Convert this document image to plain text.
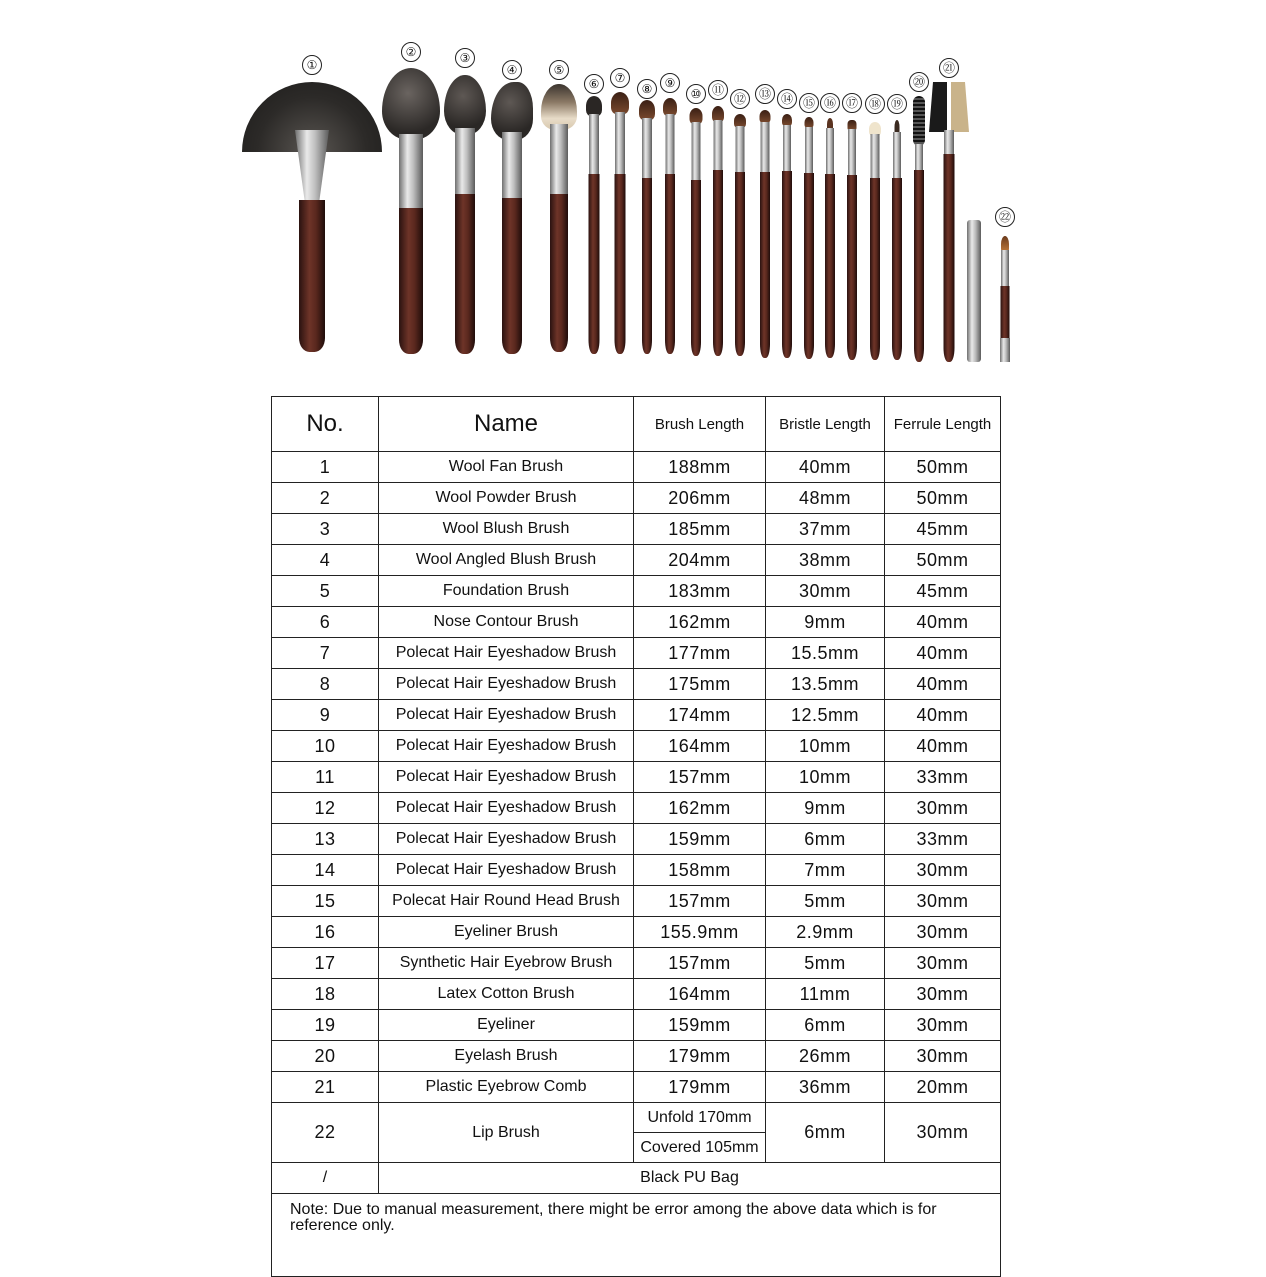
①
②	③
④	⑤
⑥	⑦
⑧	⑨
⑩ ⑪
⑫	⑬ ⑭ ⑮ ⑯ ⑰ ⑱ ⑲
⑳
㉑
㉒
No.	Name	Brush Length	Bristle Length	Ferrule Length
1	Wool Fan Brush	188mm	40mm	50mm
2	Wool Powder Brush	206mm	48mm	50mm
3	Wool Blush Brush	185mm	37mm	45mm
4	Wool Angled Blush Brush	204mm	38mm	50mm
5	Foundation Brush	183mm	30mm	45mm
6	Nose Contour Brush	162mm	9mm	40mm
7	Polecat Hair Eyeshadow Brush	177mm	15.5mm	40mm
8	Polecat Hair Eyeshadow Brush	175mm	13.5mm	40mm
9	Polecat Hair Eyeshadow Brush	174mm	12.5mm	40mm
10	Polecat Hair Eyeshadow Brush	164mm	10mm	40mm
11	Polecat Hair Eyeshadow Brush	157mm	10mm	33mm
12	Polecat Hair Eyeshadow Brush	162mm	9mm	30mm
13	Polecat Hair Eyeshadow Brush	159mm	6mm	33mm
14	Polecat Hair Eyeshadow Brush	158mm	7mm	30mm
15	Polecat Hair Round Head Brush	157mm	5mm	30mm
16	Eyeliner Brush	155.9mm	2.9mm	30mm
17	Synthetic Hair Eyebrow Brush	157mm	5mm	30mm
18	Latex Cotton Brush	164mm	11mm	30mm
19	Eyeliner	159mm	6mm	30mm
20	Eyelash Brush	179mm	26mm	30mm
21	Plastic Eyebrow Comb	179mm	36mm	20mm
22	Lip Brush	Unfold 170mm	6mm	30mm
		Covered 105mm		
/	Black PU Bag			
Note: Due to manual measurement, there might be error among the above data which is for reference only.				
